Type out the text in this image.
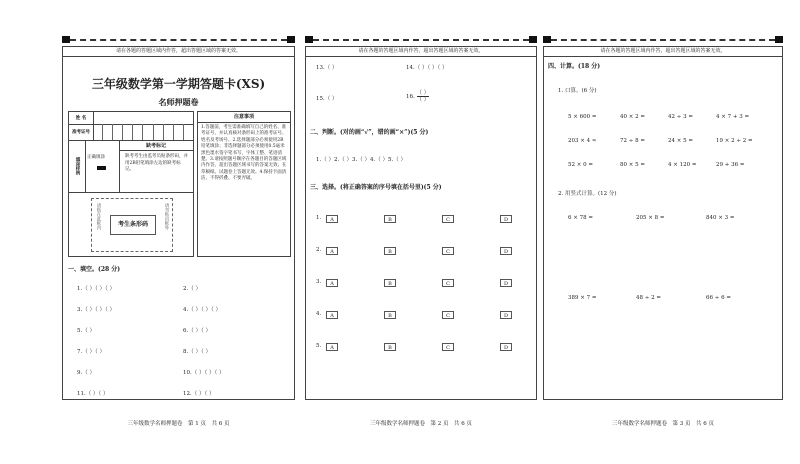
请在各题的答题区域内作答，超出答题区域的答案无效。
三年级数学第一学期答题卡(XS)
名师押题卷
姓 名
准考证号
填涂样例	正确填涂
缺考标记
缺考考生由监考员贴条形码，并用2B铅笔填涂左边的缺考标记。
请贴在此框内	考生条形码	请勿贴出框外
注意事项
1.答题前，考生需准确填写自己的姓名、准考证号，并认真核对条形码上的准考证号、姓名及考场号。2.选择题部分必须使用2B铅笔填涂；非选择题部分必须使用0.5毫米黑色墨水签字笔书写，字体工整、笔迹清楚。3.请按照题号顺序在各题目的答题区域内作答，超出答题区域书写的答案无效；在草稿纸、试题卷上答题无效。4.保持卡面清洁，不得折叠、不要弄破。
一、填空。(28 分)
1.（ ）（ ）（ ）	2.（ ）
3.（ ）（ ）（ ）	4.（ ）（ ）（ ）
5.（ ）	6.（ ）（ ）
7.（ ）（ ）	8.（ ）（ ）
9.（ ）	10.（ ）（ ）（ ）
11.（ ）（ ）	12.（ ）（ ）
三年级数学名师押题卷　第 1 页　共 6 页
请在各题的答题区域内作答，超出答题区域的答案无效。
13.（ ）	14.（ ）（ ）（ ）
15.（ ）	16. $\frac{( )}{( )}$
二、判断。(对的画“√”，错的画“×”)(5 分)
1.（ ）2.（ ）3.（ ）4.（ ）5.（ ）
三、选择。(将正确答案的序号填在括号里)(5 分)
1.	A	B	C	D
2.	A	B	C	D
3.	A	B	C	D
4.	A	B	C	D
5.	A	B	C	D
三年级数学名师押题卷　第 2 页　共 6 页
请在各题的答题区域内作答，超出答题区域的答案无效。
四、计算。(18 分)
1. 口算。(6 分)
5 × 600 =	40 × 2 =	42 ÷ 3 =	4 × 7 + 3 =
203 × 4 ≈	72 ÷ 8 =	24 × 5 =	19 × 2 ÷ 2 =
52 × 0 =	80 × 5 =	4 × 120 =	29 + 36 =
2. 用竖式计算。(12 分)
6 × 78 =	205 × 8 =	840 × 3 =
389 × 7 =	48 ÷ 2 =	66 ÷ 6 =
三年级数学名师押题卷　第 3 页　共 6 页
